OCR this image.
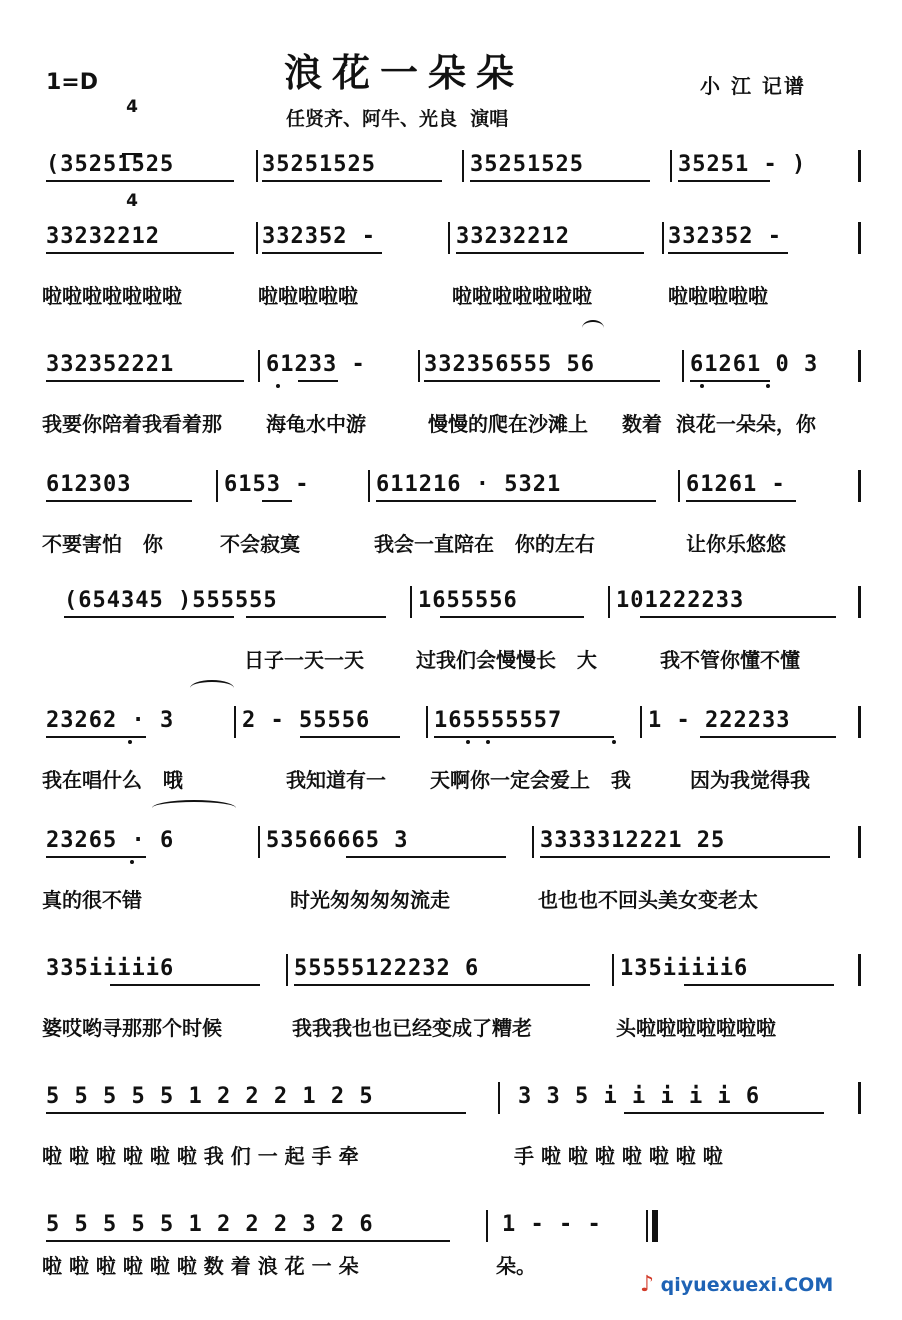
1=D

4

4

浪花一朵朵
任贤齐、阿牛、光良  演唱
小 江 记谱
(35251525	35251525	35251525	35251 - )
33232212	332352 -	33232212	332352 -
啦啦啦啦啦啦啦	啦啦啦啦啦	啦啦啦啦啦啦啦	啦啦啦啦啦
332352221	61233 -	332356555 56	61261 0 3
我要你陪着我看着那 海龟水中游	慢慢的爬在沙滩上 数着  浪花一朵朵，你
612303	6153 -	611216 · 5321	61261 -
不要害怕   你	不会寂寞	我会一直陪在   你的左右	让你乐悠悠
(654345 )555555	1655556	101222233
日子一天一天	过我们会慢慢长   大	我不管你懂不懂
23262 · 3	2 - 55556	165555557	1 - 222233
我在唱什么   哦	我知道有一 天啊你一定会爱上   我	因为我觉得我
23265 · 6	53566665 3	3333312221 25
真的很不错	时光匆匆匆匆流走	也也也不回头美女变老太
335iiiii6	55555122232 6	135iiiii6
婆哎哟寻那那个时候	我我我也也已经变成了糟老	头啦啦啦啦啦啦啦
5 5 5 5 5 1 2 2 2 1 2 5	3 3 5 i i i i i 6
啦 啦 啦 啦 啦 啦 我 们 一 起 手 牵	手 啦 啦 啦 啦 啦 啦 啦
5 5 5 5 5 1 2 2 2 3 2 6	1 - - -
啦 啦 啦 啦 啦 啦 数 着 浪 花 一 朵	朵。
♪ qiyuexuexi.COM
